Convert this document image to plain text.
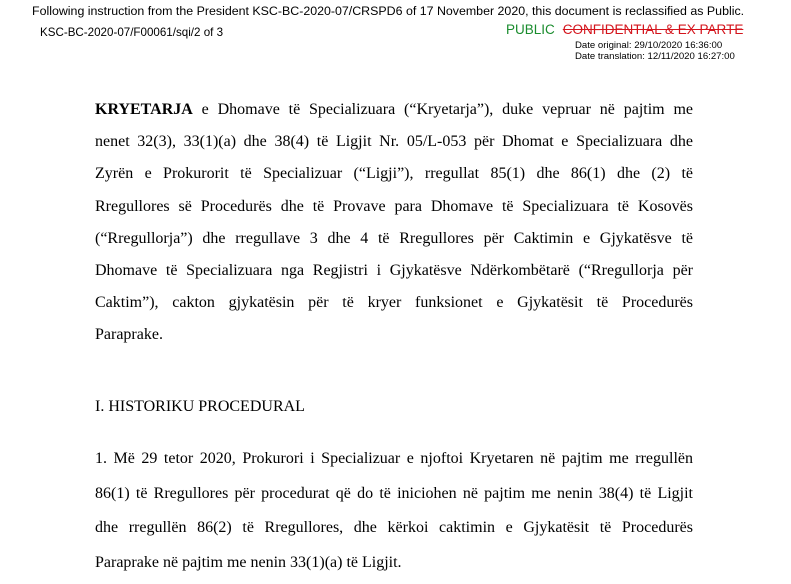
Following instruction from the President KSC-BC-2020-07/CRSPD6 of 17 November 2020, this document is reclassified as Public.
KSC-BC-2020-07/F00061/sqi/2 of 3	PUBLIC CONFIDENTIAL & EX PARTE
Date original: 29/10/2020 16:36:00
Date translation: 12/11/2020 16:27:00
KRYETARJA e Dhomave të Specializuara (“Kryetarja”), duke vepruar në pajtim me
nenet 32(3), 33(1)(a) dhe 38(4) të Ligjit Nr. 05/L-053 për Dhomat e Specializuara dhe
Zyrën e Prokurorit të Specializuar (“Ligji”), rregullat 85(1) dhe 86(1) dhe (2) të
Rregullores së Procedurës dhe të Provave para Dhomave të Specializuara të Kosovës
(“Rregullorja”) dhe rregullave 3 dhe 4 të Rregullores për Caktimin e Gjykatësve të
Dhomave të Specializuara nga Regjistri i Gjykatësve Ndërkombëtarë (“Rregullorja për
Caktim”), cakton gjykatësin për të kryer funksionet e Gjykatësit të Procedurës
Paraprake.
I. HISTORIKU PROCEDURAL
1. Më 29 tetor 2020, Prokurori i Specializuar e njoftoi Kryetaren në pajtim me rregullën
86(1) të Rregullores për procedurat që do të iniciohen në pajtim me nenin 38(4) të Ligjit
dhe rregullën 86(2) të Rregullores, dhe kërkoi caktimin e Gjykatësit të Procedurës
Paraprake në pajtim me nenin 33(1)(a) të Ligjit.
